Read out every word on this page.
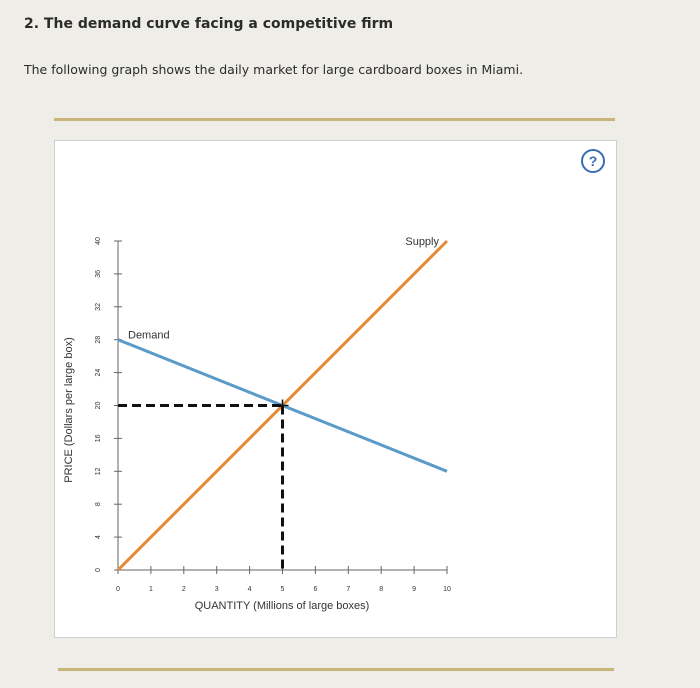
2. The demand curve facing a competitive firm
The following graph shows the daily market for large cardboard boxes in Miami.
?
PRICE (Dollars per large box)
QUANTITY (Millions of large boxes)
0
4
8
12
16
20
24
28
32
36
40
0	1	2	3	4	5	6	7	8	9	10
Supply
Demand
